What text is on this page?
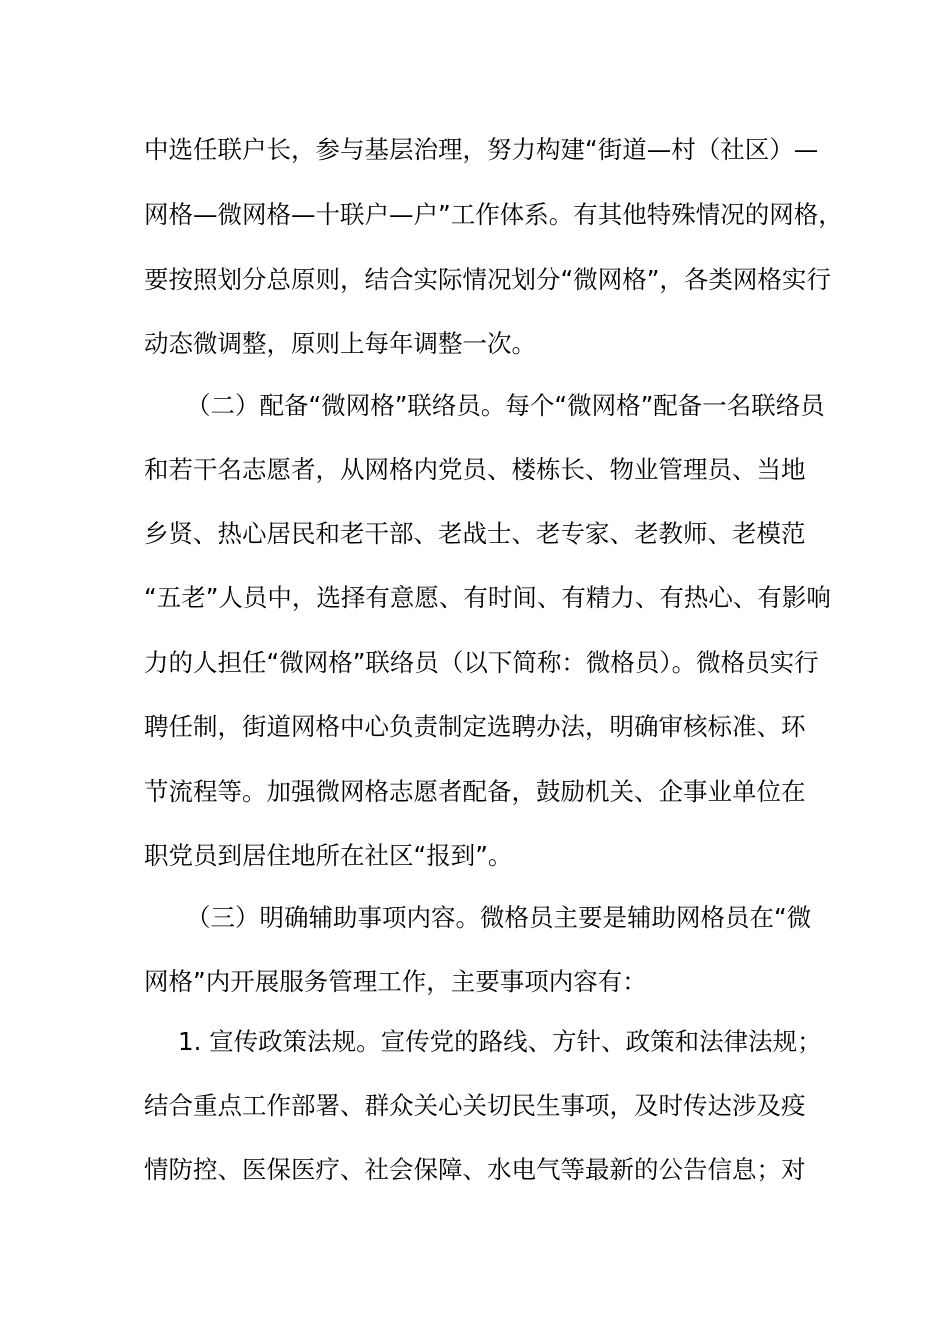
中选任联户长，参与基层治理，努力构建“街道—村（社区）—
网格—微网格—十联户—户”工作体系。有其他特殊情况的网格，
要按照划分总原则，结合实际情况划分“微网格”，各类网格实行
动态微调整，原则上每年调整一次。
（二）配备“微网格”联络员。每个“微网格”配备一名联络员
和若干名志愿者，从网格内党员、楼栋长、物业管理员、当地
乡贤、热心居民和老干部、老战士、老专家、老教师、老模范
“五老”人员中，选择有意愿、有时间、有精力、有热心、有影响
力的人担任“微网格”联络员（以下简称：微格员）。微格员实行
聘任制，街道网格中心负责制定选聘办法，明确审核标准、环
节流程等。加强微网格志愿者配备，鼓励机关、企事业单位在
职党员到居住地所在社区“报到”。
（三）明确辅助事项内容。微格员主要是辅助网格员在“微
网格”内开展服务管理工作，主要事项内容有：
1. 宣传政策法规。宣传党的路线、方针、政策和法律法规；
结合重点工作部署、群众关心关切民生事项，及时传达涉及疫
情防控、医保医疗、社会保障、水电气等最新的公告信息；对
